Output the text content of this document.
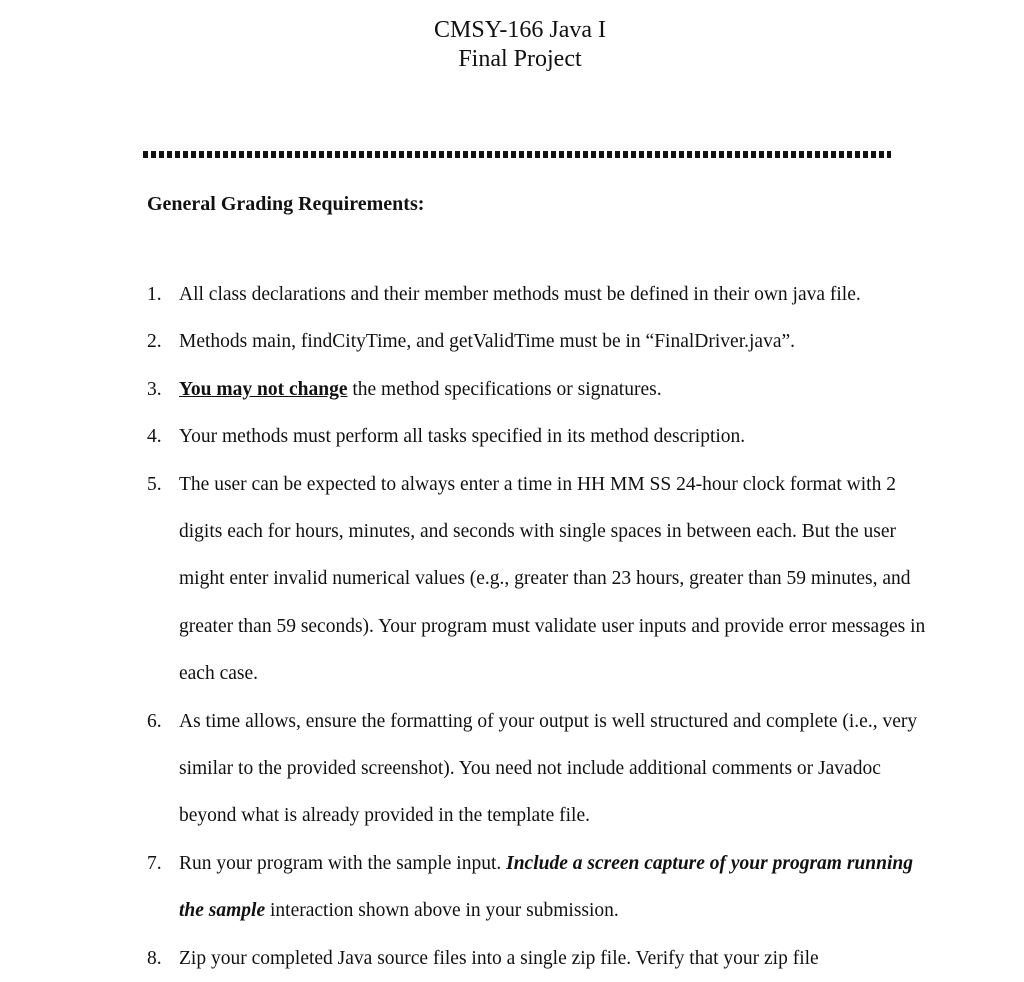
CMSY-166 Java I
Final Project
General Grading Requirements:
1. All class declarations and their member methods must be defined in their own java file.
2. Methods main, findCityTime, and getValidTime must be in “FinalDriver.java”.
3. You may not change the method specifications or signatures.
4. Your methods must perform all tasks specified in its method description.
5. The user can be expected to always enter a time in HH MM SS 24-hour clock format with 2 digits each for hours, minutes, and seconds with single spaces in between each. But the user might enter invalid numerical values (e.g., greater than 23 hours, greater than 59 minutes, and greater than 59 seconds). Your program must validate user inputs and provide error messages in each case.
6. As time allows, ensure the formatting of your output is well structured and complete (i.e., very similar to the provided screenshot). You need not include additional comments or Javadoc beyond what is already provided in the template file.
7. Run your program with the sample input. Include a screen capture of your program running the sample interaction shown above in your submission.
8. Zip your completed Java source files into a single zip file. Verify that your zip file
